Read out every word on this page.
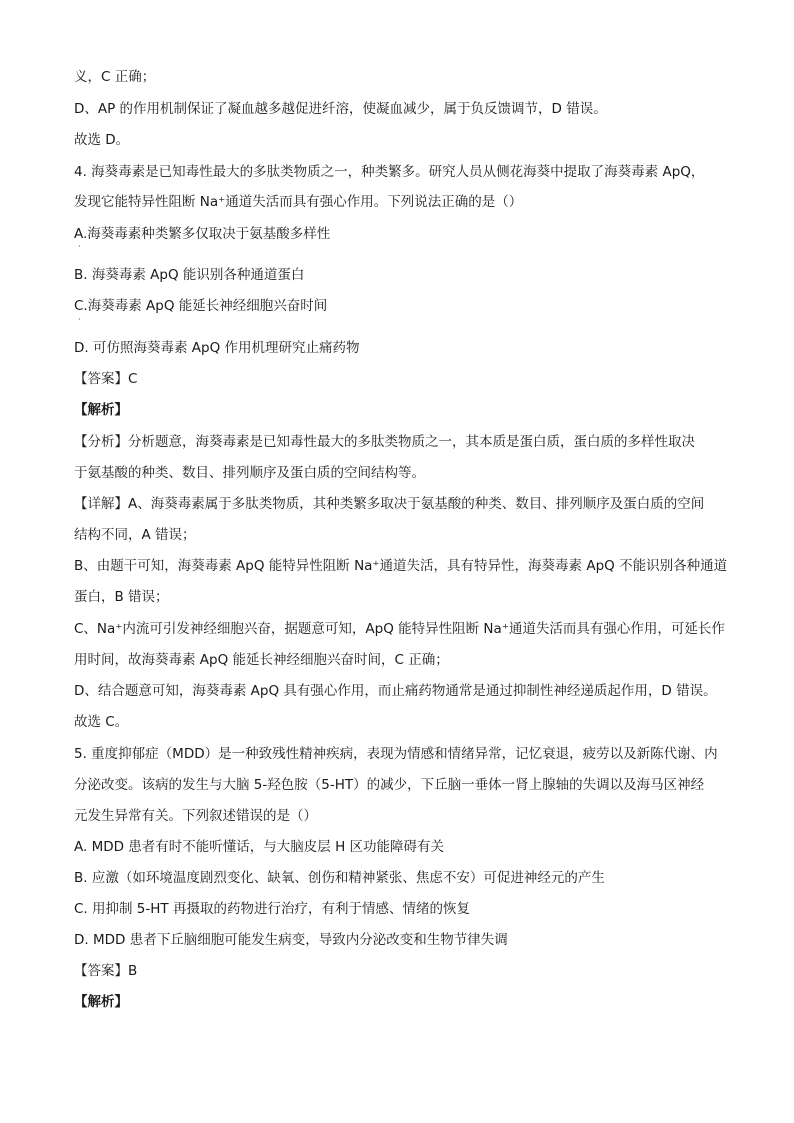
义，C 正确；
D、AP 的作用机制保证了凝血越多越促进纤溶，使凝血减少，属于负反馈调节，D 错误。
故选 D。
4. 海葵毒素是已知毒性最大的多肽类物质之一，种类繁多。研究人员从侧花海葵中提取了海葵毒素 ApQ，
发现它能特异性阻断 Na⁺通道失活而具有强心作用。下列说法正确的是（）
A.海葵毒素种类繁多仅取决于氨基酸多样性
·
B. 海葵毒素 ApQ 能识别各种通道蛋白
C.海葵毒素 ApQ 能延长神经细胞兴奋时间
·
D. 可仿照海葵毒素 ApQ 作用机理研究止痛药物
【答案】C
【解析】
【分析】分析题意，海葵毒素是已知毒性最大的多肽类物质之一，其本质是蛋白质，蛋白质的多样性取决
于氨基酸的种类、数目、排列顺序及蛋白质的空间结构等。
【详解】A、海葵毒素属于多肽类物质，其种类繁多取决于氨基酸的种类、数目、排列顺序及蛋白质的空间
结构不同，A 错误；
B、由题干可知，海葵毒素 ApQ 能特异性阻断 Na⁺通道失活，具有特异性，海葵毒素 ApQ 不能识别各种通道
蛋白，B 错误；
C、Na⁺内流可引发神经细胞兴奋，据题意可知，ApQ 能特异性阻断 Na⁺通道失活而具有强心作用，可延长作
用时间，故海葵毒素 ApQ 能延长神经细胞兴奋时间，C 正确；
D、结合题意可知，海葵毒素 ApQ 具有强心作用，而止痛药物通常是通过抑制性神经递质起作用，D 错误。
故选 C。
5. 重度抑郁症（MDD）是一种致残性精神疾病，表现为情感和情绪异常，记忆衰退，疲劳以及新陈代谢、内
分泌改变。该病的发生与大脑 5-羟色胺（5-HT）的减少，下丘脑一垂体一肾上腺轴的失调以及海马区神经
元发生异常有关。下列叙述错误的是（）
A. MDD 患者有时不能听懂话，与大脑皮层 H 区功能障碍有关
B. 应激（如环境温度剧烈变化、缺氧、创伤和精神紧张、焦虑不安）可促进神经元的产生
C. 用抑制 5-HT 再摄取的药物进行治疗，有利于情感、情绪的恢复
D. MDD 患者下丘脑细胞可能发生病变，导致内分泌改变和生物节律失调
【答案】B
【解析】
